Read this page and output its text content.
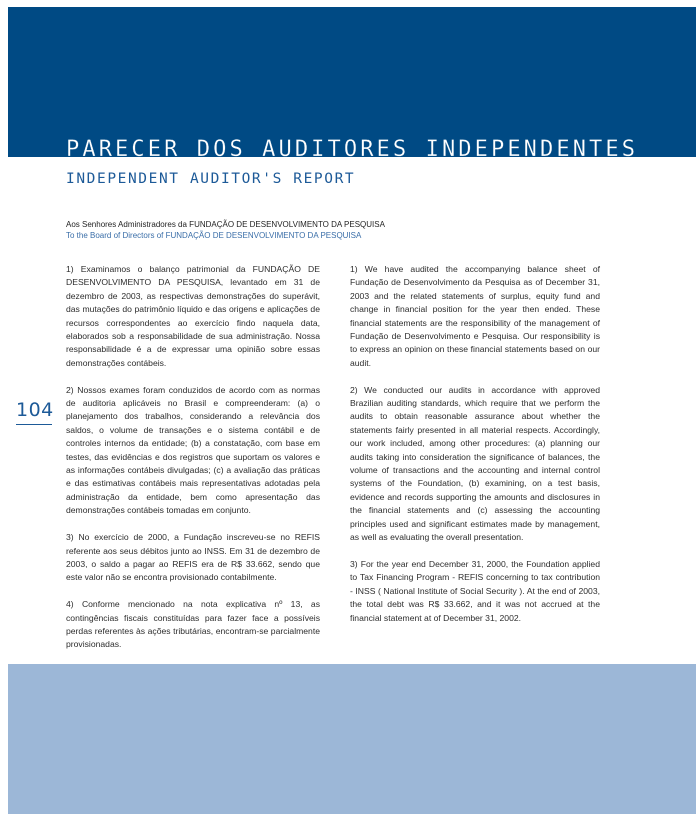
PARECER DOS AUDITORES INDEPENDENTES
INDEPENDENT AUDITOR'S REPORT
Aos Senhores Administradores da FUNDAÇÃO DE DESENVOLVIMENTO DA PESQUISA
To the Board of Directors of FUNDAÇÃO DE DESENVOLVIMENTO DA PESQUISA
104

1) Examinamos o balanço patrimonial da FUNDAÇÃO DE DESENVOLVIMENTO DA PESQUISA, levantado em 31 de dezembro de 2003, as respectivas demonstrações do superávit, das mutações do patrimônio líquido e das origens e aplicações de recursos correspondentes ao exercício findo naquela data, elaborados sob a responsabilidade de sua administração. Nossa responsabilidade é a de expressar uma opinião sobre essas demonstrações contábeis.

2) Nossos exames foram conduzidos de acordo com as normas de auditoria aplicáveis no Brasil e compreenderam: (a) o planejamento dos trabalhos, considerando a relevância dos saldos, o volume de transações e o sistema contábil e de controles internos da entidade; (b) a constatação, com base em testes, das evidências e dos registros que suportam os valores e as informações contábeis divulgadas; (c) a avaliação das práticas e das estimativas contábeis mais representativas adotadas pela administração da entidade, bem como apresentação das demonstrações contábeis tomadas em conjunto.

3) No exercício de 2000, a Fundação inscreveu-se no REFIS referente aos seus débitos junto ao INSS. Em 31 de dezembro de 2003, o saldo a pagar ao REFIS era de R$ 33.662, sendo que este valor não se encontra provisionado contabilmente.

4) Conforme mencionado na nota explicativa nº 13, as contingências fiscais constituídas para fazer face a possíveis perdas referentes às ações tributárias, encontram-se parcialmente provisionadas.

1) We have audited the accompanying balance sheet of Fundação de Desenvolvimento da Pesquisa as of December 31, 2003 and the related statements of surplus, equity fund and change in financial position for the year then ended. These financial statements are the responsibility of the management of Fundação de Desenvolvimento e Pesquisa. Our responsibility is to express an opinion on these financial statements based on our audit.

2) We conducted our audits in accordance with approved Brazilian auditing standards, which require that we perform the audits to obtain reasonable assurance about whether the statements fairly presented in all material respects. Accordingly, our work included, among other procedures: (a) planning our audits taking into consideration the significance of balances, the volume of transactions and the accounting and internal control systems of the Foundation, (b) examining, on a test basis, evidence and records supporting the amounts and disclosures in the financial statements and (c) assessing the accounting principles used and significant estimates made by management, as well as evaluating the overall presentation.

3) For the year end December 31, 2000, the Foundation applied to Tax Financing Program - REFIS concerning to tax contribution - INSS ( National Institute of Social Security ). At the end of 2003, the total debt was R$ 33.662, and it was not accrued at the financial statement at of December 31, 2002.
